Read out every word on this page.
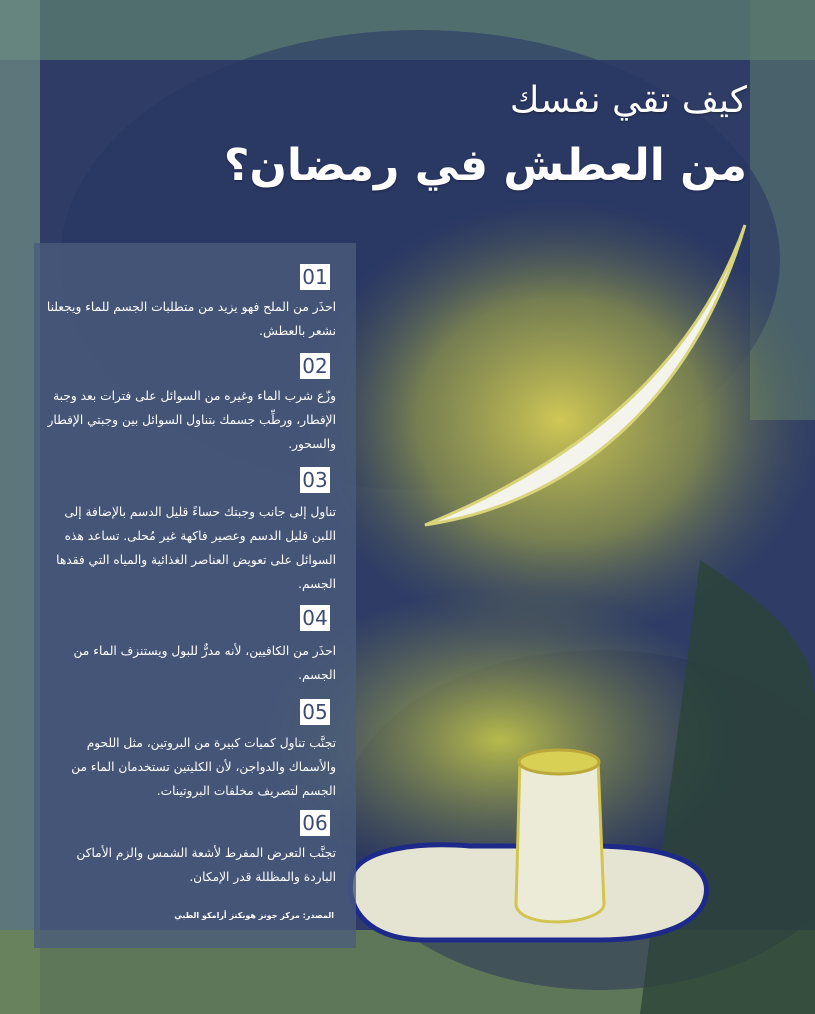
كيف تقي نفسك
من العطش في رمضان؟
01
احذَر من الملح فهو يزيد من متطلبات الجسم للماء ويجعلنا نشعر بالعطش.
02
وزّع شرب الماء وغيره من السوائل على فترات بعد وجبة الإفطار، ورطِّب جسمك بتناول السوائل بين وجبتي الإفطار والسحور.
03
تناول إلى جانب وجبتك حساءً قليل الدسم بالإضافة إلى اللبن قليل الدسم وعصير فاكهة غير مُحلى. تساعد هذه السوائل على تعويض العناصر الغذائية والمياه التي فقدها الجسم.
04
احذَر من الكافيين، لأنه مدرٌّ للبول ويستنزف الماء من الجسم.
05
تجنَّب تناول كميات كبيرة من البروتين، مثل اللحوم والأسماك والدواجن، لأن الكليتين تستخدمان الماء من الجسم لتصريف مخلفات البروتينات.
06
تجنَّب التعرض المفرط لأشعة الشمس والزم الأماكن الباردة والمظللة قدر الإمكان.
المصدر: مركز جونز هوبكنز أرامكو الطبي
